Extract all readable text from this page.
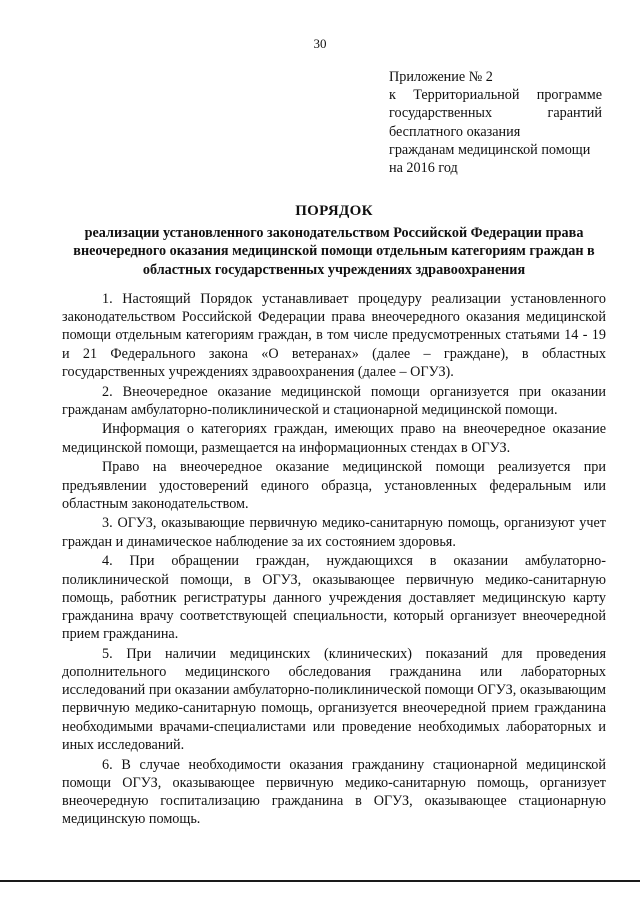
30
Приложение № 2
к Территориальной программе
государственных гарантий
бесплатного оказания
гражданам медицинской помощи
на 2016 год
ПОРЯДОК
реализации установленного законодательством Российской Федерации права внеочередного оказания медицинской помощи отдельным категориям граждан в областных государственных учреждениях здравоохранения

1. Настоящий Порядок устанавливает процедуру реализации установленного законодательством Российской Федерации права внеочередного оказания медицинской помощи отдельным категориям граждан, в том числе предусмотренных статьями 14 - 19 и 21 Федерального закона «О ветеранах» (далее – граждане), в областных государственных учреждениях здравоохранения (далее – ОГУЗ).

2. Внеочередное оказание медицинской помощи организуется при оказании гражданам амбулаторно-поликлинической и стационарной медицинской помощи.

Информация о категориях граждан, имеющих право на внеочередное оказание медицинской помощи, размещается на информационных стендах в ОГУЗ.

Право на внеочередное оказание медицинской помощи реализуется при предъявлении удостоверений единого образца, установленных федеральным или областным законодательством.

3. ОГУЗ, оказывающие первичную медико-санитарную помощь, организуют учет граждан и динамическое наблюдение за их состоянием здоровья.

4. При обращении граждан, нуждающихся в оказании амбулаторно-поликлинической помощи, в ОГУЗ, оказывающее первичную медико-санитарную помощь, работник регистратуры данного учреждения доставляет медицинскую карту гражданина врачу соответствующей специальности, который организует внеочередной прием гражданина.

5. При наличии медицинских (клинических) показаний для проведения дополнительного медицинского обследования гражданина или лабораторных исследований при оказании амбулаторно-поликлинической помощи ОГУЗ, оказывающим первичную медико-санитарную помощь, организуется внеочередной прием гражданина необходимыми врачами-специалистами или проведение необходимых лабораторных и иных исследований.

6. В случае необходимости оказания гражданину стационарной медицинской помощи ОГУЗ, оказывающее первичную медико-санитарную помощь, организует внеочередную госпитализацию гражданина в ОГУЗ, оказывающее стационарную медицинскую помощь.
